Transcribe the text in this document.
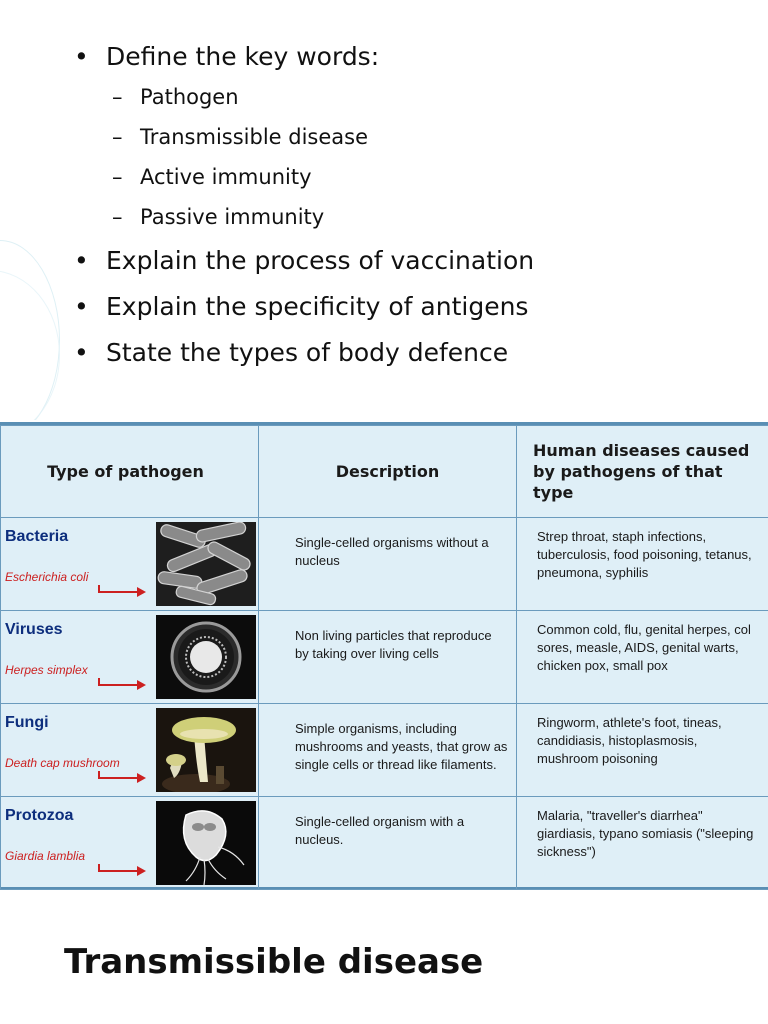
• Define the key words:
– Pathogen
– Transmissible disease
– Active immunity
– Passive immunity
• Explain the process of vaccination
• Explain the specificity of antigens
• State the types of body defence
Type of pathogen	Description	Human diseases caused by pathogens of that type

Bacteria
Escherichia coli	Single-celled organisms without a nucleus	Strep throat, staph infections, tuberculosis, food poisoning, tetanus, pneumona, syphilis

Viruses
Herpes simplex	Non living particles that reproduce by taking over living cells	Common cold, flu, genital herpes, col sores, measle, AIDS, genital warts, chicken pox, small pox

Fungi
Death cap mushroom	Simple organisms, including mushrooms and yeasts, that grow as single cells or thread like filaments.	Ringworm, athlete's foot, tineas, candidiasis, histoplasmosis, mushroom poisoning

Protozoa
Giardia lamblia	Single-celled organism with a nucleus.	Malaria, "traveller's diarrhea" giardiasis, typano somiasis ("sleeping sickness")
Transmissible disease
